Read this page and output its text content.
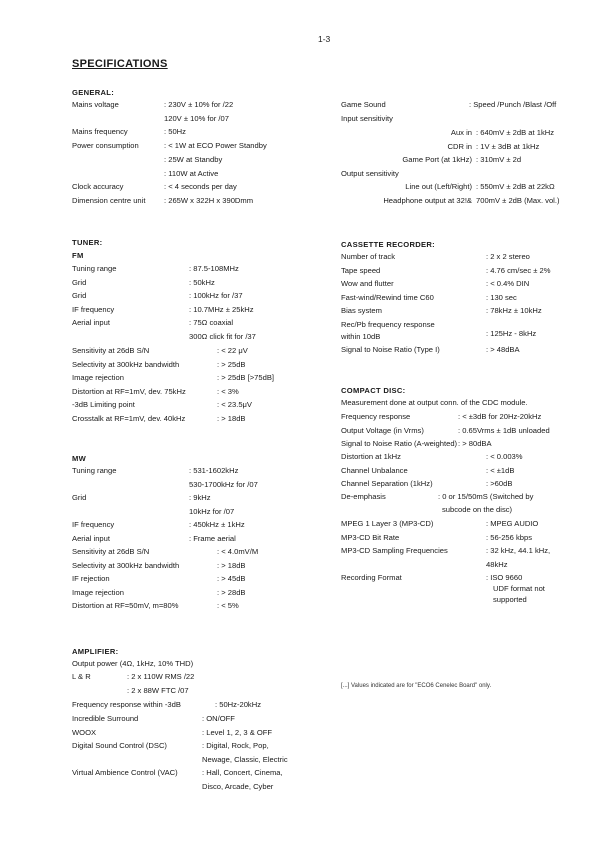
1-3
SPECIFICATIONS
GENERAL:
Mains voltage	: 230V ± 10% for /22
120V ± 10% for /07
Mains frequency	: 50Hz
Power consumption	: < 1W at ECO Power Standby
: 25W at Standby
: 110W at Active
Clock accuracy	: < 4 seconds per day
Dimension centre unit : 265W x 322H x 390Dmm
Game Sound	: Speed /Punch /Blast /Off
Input sensitivity
Aux in : 640mV ± 2dB at 1kHz
CDR in : 1V ± 3dB at 1kHz
Game Port (at 1kHz) : 310mV ± 2d
Output sensitivity
Line out (Left/Right) : 550mV ± 2dB at 22kΩ
Headphone output at 32!& 700mV ± 2dB (Max. vol.)
TUNER:
FM
Tuning range	: 87.5-108MHz
Grid	: 50kHz
Grid	: 100kHz for /37
IF frequency	: 10.7MHz ± 25kHz
Aerial input	: 75Ω coaxial
300Ω click fit for /37
Sensitivity at 26dB S/N	: < 22 μV
Selectivity at 300kHz bandwidth	: > 25dB
Image rejection	: > 25dB [>75dB]
Distortion at RF=1mV, dev. 75kHz	: < 3%
-3dB Limiting point	: < 23.5μV
Crosstalk at RF=1mV, dev. 40kHz	: > 18dB
MW
Tuning range	: 531-1602kHz
530-1700kHz for /07
Grid	: 9kHz
10kHz for /07
IF frequency	: 450kHz ± 1kHz
Aerial input	: Frame aerial
Sensitivity at 26dB S/N	: < 4.0mV/M
Selectivity at 300kHz bandwidth	: > 18dB
IF rejection	: > 45dB
Image rejection	: > 28dB
Distortion at RF=50mV, m=80%	: < 5%
CASSETTE RECORDER:
Number of track	: 2 x 2 stereo
Tape speed	: 4.76 cm/sec ± 2%
Wow and flutter	: < 0.4% DIN
Fast-wind/Rewind time C60	: 130 sec
Bias system	: 78kHz ± 10kHz
Rec/Pb frequency response
within 10dB	: 125Hz - 8kHz
Signal to Noise Ratio (Type I)	: > 48dBA
COMPACT DISC:
Measurement done at output conn. of the CDC module.
Frequency response	: < ±3dB for 20Hz-20kHz
Output Voltage (in Vrms)	: 0.65Vrms ± 1dB unloaded
Signal to Noise Ratio (A-weighted) : > 80dBA
Distortion at 1kHz	: < 0.003%
Channel Unbalance	: < ±1dB
Channel Separation (1kHz)	: >60dB
De-emphasis	: 0 or 15/50mS (Switched by
subcode on the disc)
MPEG 1 Layer 3 (MP3-CD)	: MPEG AUDIO
MP3-CD Bit Rate	: 56-256 kbps
MP3-CD Sampling Frequencies	: 32 kHz, 44.1 kHz,
48kHz
Recording Format	: ISO 9660
UDF format not
supported
[...] Values indicated are for "ECO6 Cenelec Board" only.
AMPLIFIER:
Output power (4Ω, 1kHz, 10% THD)
L & R	: 2 x 110W RMS /22
: 2 x 88W FTC /07
Frequency response within -3dB	: 50Hz-20kHz
Incredible Surround	: ON/OFF
WOOX	: Level 1, 2, 3 & OFF
Digital Sound Control (DSC)	: Digital, Rock, Pop,
Newage, Classic, Electric
Virtual Ambience Control (VAC)	: Hall, Concert, Cinema,
Disco, Arcade, Cyber
